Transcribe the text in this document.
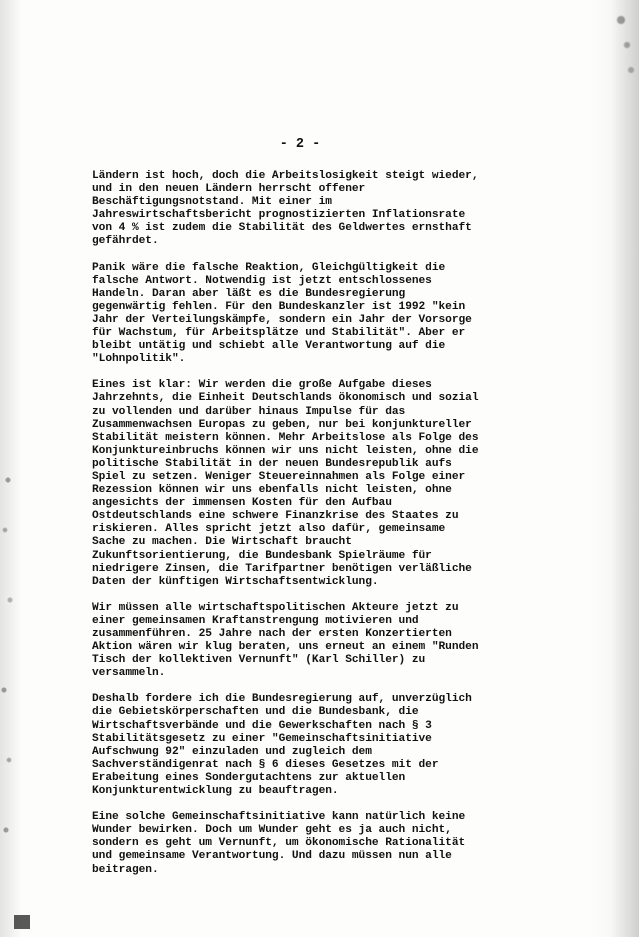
- 2 -

Ländern ist hoch, doch die Arbeitslosigkeit steigt wieder,
und in den neuen Ländern herrscht offener
Beschäftigungsnotstand. Mit einer im
Jahreswirtschaftsbericht prognostizierten Inflationsrate
von 4 % ist zudem die Stabilität des Geldwertes ernsthaft
gefährdet.

Panik wäre die falsche Reaktion, Gleichgültigkeit die
falsche Antwort. Notwendig ist jetzt entschlossenes
Handeln. Daran aber läßt es die Bundesregierung
gegenwärtig fehlen. Für den Bundeskanzler ist 1992 "kein
Jahr der Verteilungskämpfe, sondern ein Jahr der Vorsorge
für Wachstum, für Arbeitsplätze und Stabilität". Aber er
bleibt untätig und schiebt alle Verantwortung auf die
"Lohnpolitik".

Eines ist klar: Wir werden die große Aufgabe dieses
Jahrzehnts, die Einheit Deutschlands ökonomisch und sozial
zu vollenden und darüber hinaus Impulse für das
Zusammenwachsen Europas zu geben, nur bei konjunktureller
Stabilität meistern können. Mehr Arbeitslose als Folge des
Konjunktureinbruchs können wir uns nicht leisten, ohne die
politische Stabilität in der neuen Bundesrepublik aufs
Spiel zu setzen. Weniger Steuereinnahmen als Folge einer
Rezession können wir uns ebenfalls nicht leisten, ohne
angesichts der immensen Kosten für den Aufbau
Ostdeutschlands eine schwere Finanzkrise des Staates zu
riskieren. Alles spricht jetzt also dafür, gemeinsame
Sache zu machen. Die Wirtschaft braucht
Zukunftsorientierung, die Bundesbank Spielräume für
niedrigere Zinsen, die Tarifpartner benötigen verläßliche
Daten der künftigen Wirtschaftsentwicklung.

Wir müssen alle wirtschaftspolitischen Akteure jetzt zu
einer gemeinsamen Kraftanstrengung motivieren und
zusammenführen. 25 Jahre nach der ersten Konzertierten
Aktion wären wir klug beraten, uns erneut an einem "Runden
Tisch der kollektiven Vernunft" (Karl Schiller) zu
versammeln.

Deshalb fordere ich die Bundesregierung auf, unverzüglich
die Gebietskörperschaften und die Bundesbank, die
Wirtschaftsverbände und die Gewerkschaften nach § 3
Stabilitätsgesetz zu einer "Gemeinschaftsinitiative
Aufschwung 92" einzuladen und zugleich dem
Sachverständigenrat nach § 6 dieses Gesetzes mit der
Erabeitung eines Sondergutachtens zur aktuellen
Konjunkturentwicklung zu beauftragen.

Eine solche Gemeinschaftsinitiative kann natürlich keine
Wunder bewirken. Doch um Wunder geht es ja auch nicht,
sondern es geht um Vernunft, um ökonomische Rationalität
und gemeinsame Verantwortung. Und dazu müssen nun alle
beitragen.
